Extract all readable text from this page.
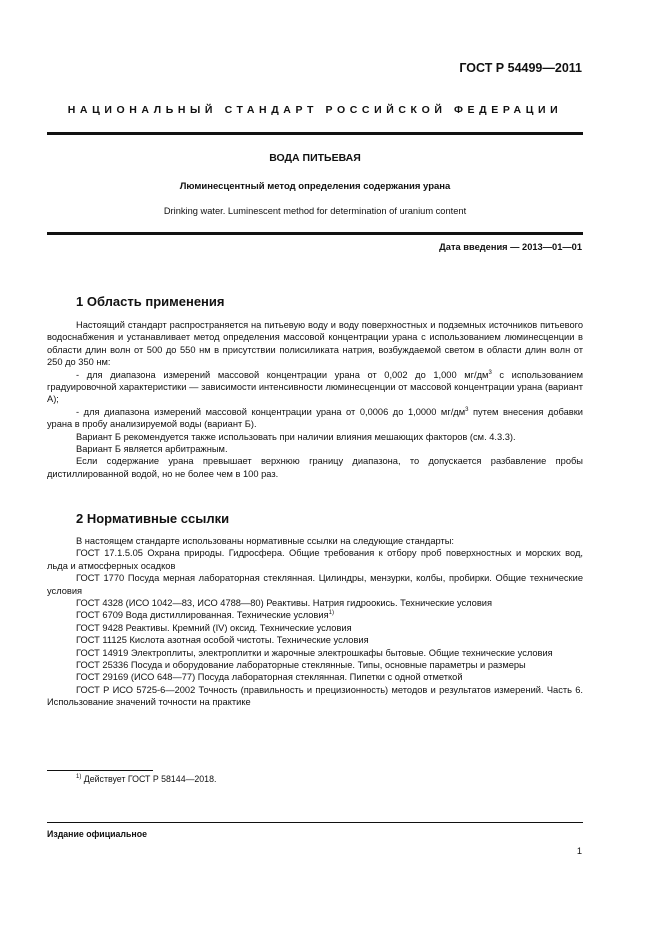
ГОСТ Р 54499—2011
НАЦИОНАЛЬНЫЙ СТАНДАРТ РОССИЙСКОЙ ФЕДЕРАЦИИ
ВОДА ПИТЬЕВАЯ
Люминесцентный метод определения содержания урана
Drinking water. Luminescent method for determination of uranium content
Дата введения — 2013—01—01
1 Область применения

Настоящий стандарт распространяется на питьевую воду и воду поверхностных и подземных источников питьевого водоснабжения и устанавливает метод определения массовой концентрации урана с использованием люминесценции в области длин волн от 500 до 550 нм в присутствии полисиликата натрия, возбуждаемой светом в области длин волн от 250 до 350 нм:

- для диапазона измерений массовой концентрации урана от 0,002 до 1,000 $мг/дм^3$ с использованием градуировочной характеристики — зависимости интенсивности люминесценции от массовой концентрации урана (вариант А);

- для диапазона измерений массовой концентрации урана от 0,0006 до 1,0000 $мг/дм^3$ путем внесения добавки урана в пробу анализируемой воды (вариант Б).

Вариант Б рекомендуется также использовать при наличии влияния мешающих факторов (см. 4.3.3).

Вариант Б является арбитражным.

Если содержание урана превышает верхнюю границу диапазона, то допускается разбавление пробы дистиллированной водой, но не более чем в 100 раз.

2 Нормативные ссылки

В настоящем стандарте использованы нормативные ссылки на следующие стандарты:

ГОСТ 17.1.5.05 Охрана природы. Гидросфера. Общие требования к отбору проб поверхностных и морских вод, льда и атмосферных осадков

ГОСТ 1770 Посуда мерная лабораторная стеклянная. Цилиндры, мензурки, колбы, пробирки. Общие технические условия

ГОСТ 4328 (ИСО 1042—83, ИСО 4788—80) Реактивы. Натрия гидроокись. Технические условия

ГОСТ 6709 Вода дистиллированная. Технические условия$^{1)}$

ГОСТ 9428 Реактивы. Кремний (IV) оксид. Технические условия

ГОСТ 11125 Кислота азотная особой чистоты. Технические условия

ГОСТ 14919 Электроплиты, электроплитки и жарочные электрошкафы бытовые. Общие технические условия

ГОСТ 25336 Посуда и оборудование лабораторные стеклянные. Типы, основные параметры и размеры

ГОСТ 29169 (ИСО 648—77) Посуда лабораторная стеклянная. Пипетки с одной отметкой

ГОСТ Р ИСО 5725-6—2002 Точность (правильность и прецизионность) методов и результатов измерений. Часть 6. Использование значений точности на практике

$^{1)}$ Действует ГОСТ Р 58144—2018.
Издание официальное
1
